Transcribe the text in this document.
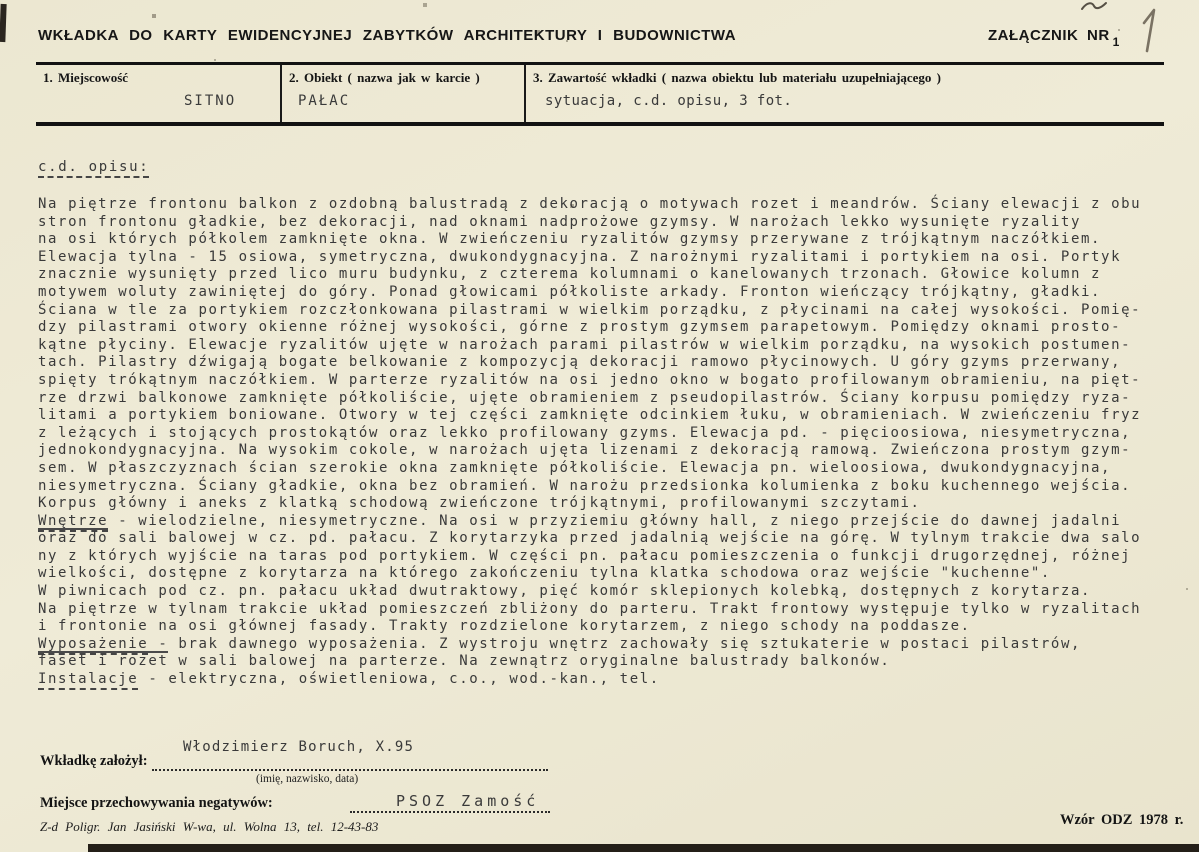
WKŁADKA DO KARTY EWIDENCYJNEJ ZABYTKÓW ARCHITEKTURY I BUDOWNICTWA	ZAŁĄCZNIK NR $_1$
1. Miejscowość
SITNO
2. Obiekt ( nazwa jak w karcie )
PAŁAC
3. Zawartość wkładki ( nazwa obiektu lub materiału uzupełniającego )
sytuacja, c.d. opisu, 3 fot.
c.d. opisu:
Na piętrze frontonu balkon z ozdobną balustradą z dekoracją o motywach rozet i meandrów. Ściany elewacji z obu
stron frontonu gładkie, bez dekoracji, nad oknami nadprożowe gzymsy. W narożach lekko wysunięte ryzality
na osi których półkolem zamknięte okna. W zwieńczeniu ryzalitów gzymsy przerywane z trójkątnym naczółkiem.
Elewacja tylna - 15 osiowa, symetryczna, dwukondygnacyjna. Z narożnymi ryzalitami i portykiem na osi. Portyk
znacznie wysunięty przed lico muru budynku, z czterema kolumnami o kanelowanych trzonach. Głowice kolumn z
motywem woluty zawiniętej do góry. Ponad głowicami półkoliste arkady. Fronton wieńczący trójkątny, gładki.
Ściana w tle za portykiem rozczłonkowana pilastrami w wielkim porządku, z płycinami na całej wysokości. Pomię-
dzy pilastrami otwory okienne różnej wysokości, górne z prostym gzymsem parapetowym. Pomiędzy oknami prosto-
kątne płyciny. Elewacje ryzalitów ujęte w narożach parami pilastrów w wielkim porządku, na wysokich postumen-
tach. Pilastry dźwigają bogate belkowanie z kompozycją dekoracji ramowo płycinowych. U góry gzyms przerwany,
spięty trókątnym naczółkiem. W parterze ryzalitów na osi jedno okno w bogato profilowanym obramieniu, na pięt-
rze drzwi balkonowe zamknięte półkoliście, ujęte obramieniem z pseudopilastrów. Ściany korpusu pomiędzy ryza-
litami a portykiem boniowane. Otwory w tej części zamknięte odcinkiem łuku, w obramieniach. W zwieńczeniu fryz
z leżących i stojących prostokątów oraz lekko profilowany gzyms. Elewacja pd. - pięcioosiowa, niesymetryczna,
jednokondygnacyjna. Na wysokim cokole, w narożach ujęta lizenami z dekoracją ramową. Zwieńczona prostym gzym-
sem. W płaszczyznach ścian szerokie okna zamknięte półkoliście. Elewacja pn. wieloosiowa, dwukondygnacyjna,
niesymetryczna. Ściany gładkie, okna bez obramień. W narożu przedsionka kolumienka z boku kuchennego wejścia.
Korpus główny i aneks z klatką schodową zwieńczone trójkątnymi, profilowanymi szczytami.
Wnętrze - wielodzielne, niesymetryczne. Na osi w przyziemiu główny hall, z niego przejście do dawnej jadalni
oraz do sali balowej w cz. pd. pałacu. Z korytarzyka przed jadalnią wejście na górę. W tylnym trakcie dwa salo
ny z których wyjście na taras pod portykiem. W części pn. pałacu pomieszczenia o funkcji drugorzędnej, różnej
wielkości, dostępne z korytarza na którego zakończeniu tylna klatka schodowa oraz wejście "kuchenne".
W piwnicach pod cz. pn. pałacu układ dwutraktowy, pięć komór sklepionych kolebką, dostępnych z korytarza.
Na piętrze w tylnam trakcie układ pomieszczeń zbliżony do parteru. Trakt frontowy występuje tylko w ryzalitach
i frontonie na osi głównej fasady. Trakty rozdzielone korytarzem, z niego schody na poddasze.
Wyposażenie - brak dawnego wyposażenia. Z wystroju wnętrz zachowały się sztukaterie w postaci pilastrów,
faset i rozet w sali balowej na parterze. Na zewnątrz oryginalne balustrady balkonów.
Instalacje - elektryczna, oświetleniowa, c.o., wod.-kan., tel.
Wkładkę założył:
Włodzimierz Boruch, X.95
(imię, nazwisko, data)
Miejsce przechowywania negatywów:	PSOZ Zamość
Z-d Poligr. Jan Jasiński W-wa, ul. Wolna 13, tel. 12-43-83	Wzór ODZ 1978 r.
